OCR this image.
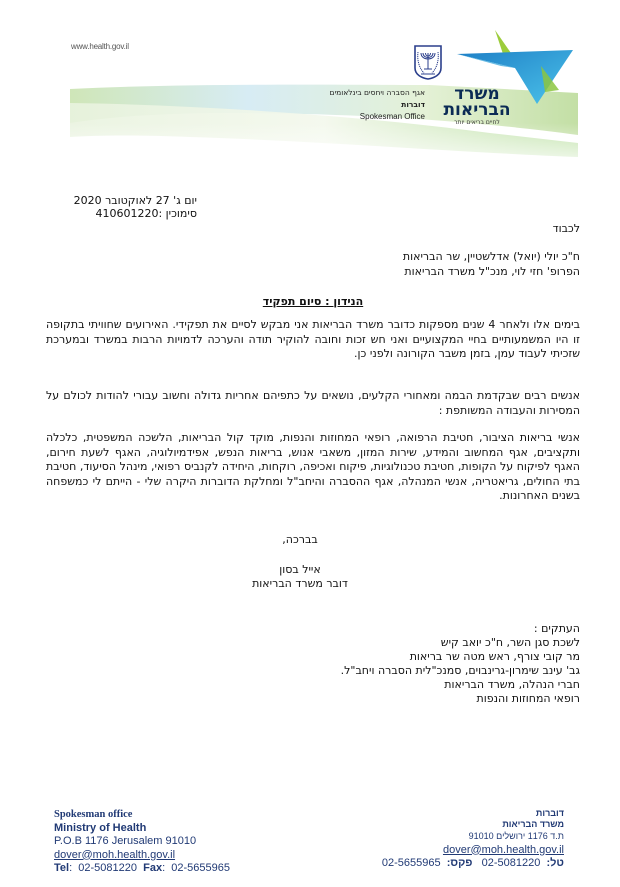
www.health.gov.il
אגף הסברה ויחסים בינלאומים
דוברות
Spokesman Office
משרד
הבריאות
לחיים בריאים יותר
יום ג' 27 לאוקטובר 2020
סימוכין :410601220
לכבוד
ח"כ יולי (יואל) אדלשטיין, שר הבריאות
הפרופ' חזי לוי, מנכ"ל משרד הבריאות
הנידון : סיום תפקיד
בימים אלו ולאחר 4 שנים מספקות כדובר משרד הבריאות אני מבקש לסיים את תפקידי. האירועים שחוויתי בתקופה זו היו המשמעותיים בחיי המקצועיים ואני חש זכות וחובה להוקיר תודה והערכה לדמויות הרבות במשרד ובמערכת שזכיתי לעבוד עמן, בזמן משבר הקורונה ולפני כן.
אנשים רבים שבקדמת הבמה ומאחורי הקלעים, נושאים על כתפיהם אחריות גדולה וחשוב עבורי להודות לכולם על המסירות והעבודה המשותפת :
אנשי בריאות הציבור, חטיבת הרפואה, רופאי המחוזות והנפות, מוקד קול הבריאות, הלשכה המשפטית, כלכלה ותקציבים, אגף המחשוב והמידע, שירות המזון, משאבי אנוש, בריאות הנפש, אפידמיולוגיה, האגף לשעת חירום, האגף לפיקוח על הקופות, חטיבת טכנולוגיות, פיקוח ואכיפה, רוקחות, היחידה לקנביס רפואי, מינהל הסיעוד, חטיבת בתי החולים, גריאטריה, אנשי המנהלה, אגף ההסברה והיחב"ל ומחלקת הדוברות היקרה שלי - הייתם לי כמשפחה בשנים האחרונות.
בברכה,
אייל בסון
דובר משרד הבריאות
העתקים :
לשכת סגן השר, ח"כ יואב קיש
מר קובי צורף, ראש מטה שר בריאות
גב' עינב שימרון-גרינבוים, סמנכ"לית הסברה ויחב"ל.
חברי הנהלה, משרד הבריאות
רופאי המחוזות והנפות
Spokesman office
Ministry of Health
P.O.B 1176 Jerusalem 91010
dover@moh.health.gov.il
Tel:  02-5081220 Fax:  02-5655965
דוברות
משרד הבריאות
ת.ד 1176 ירושלים 91010
dover@moh.health.gov.il
טל:  02-5081220   פקס:  02-5655965
